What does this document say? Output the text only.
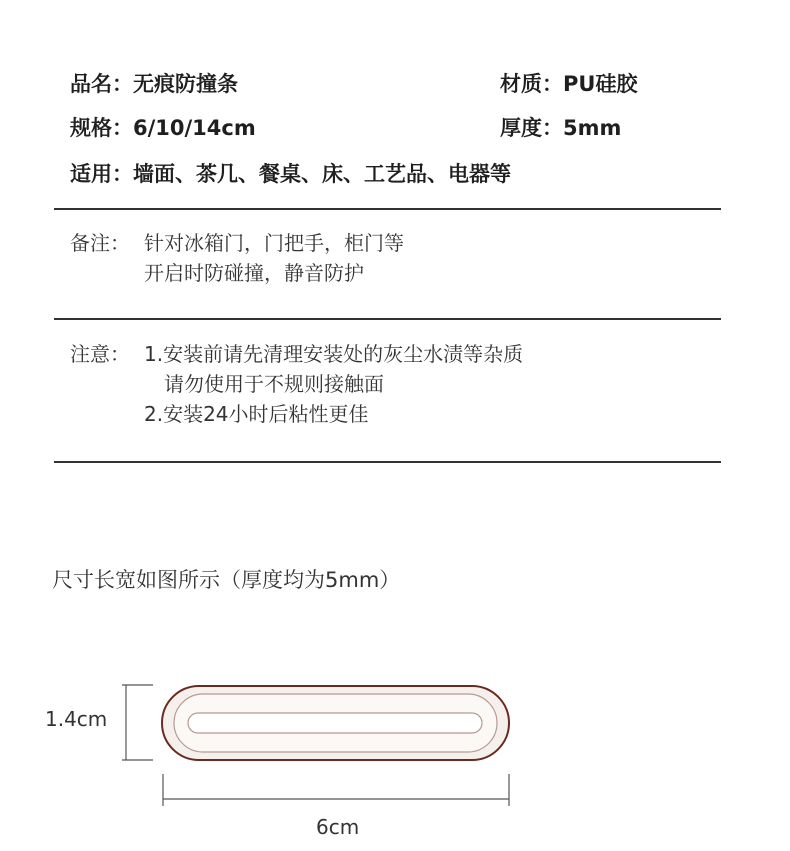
品名：无痕防撞条	材质：PU硅胶
规格：6/10/14cm	厚度：5mm
适用：墙面、茶几、餐桌、床、工艺品、电器等
备注： 针对冰箱门，门把手，柜门等
开启时防碰撞，静音防护
注意： 1.安装前请先清理安装处的灰尘水渍等杂质
请勿使用于不规则接触面
2.安装24小时后粘性更佳
尺寸长宽如图所示（厚度均为5mm）
1.4cm
6cm
